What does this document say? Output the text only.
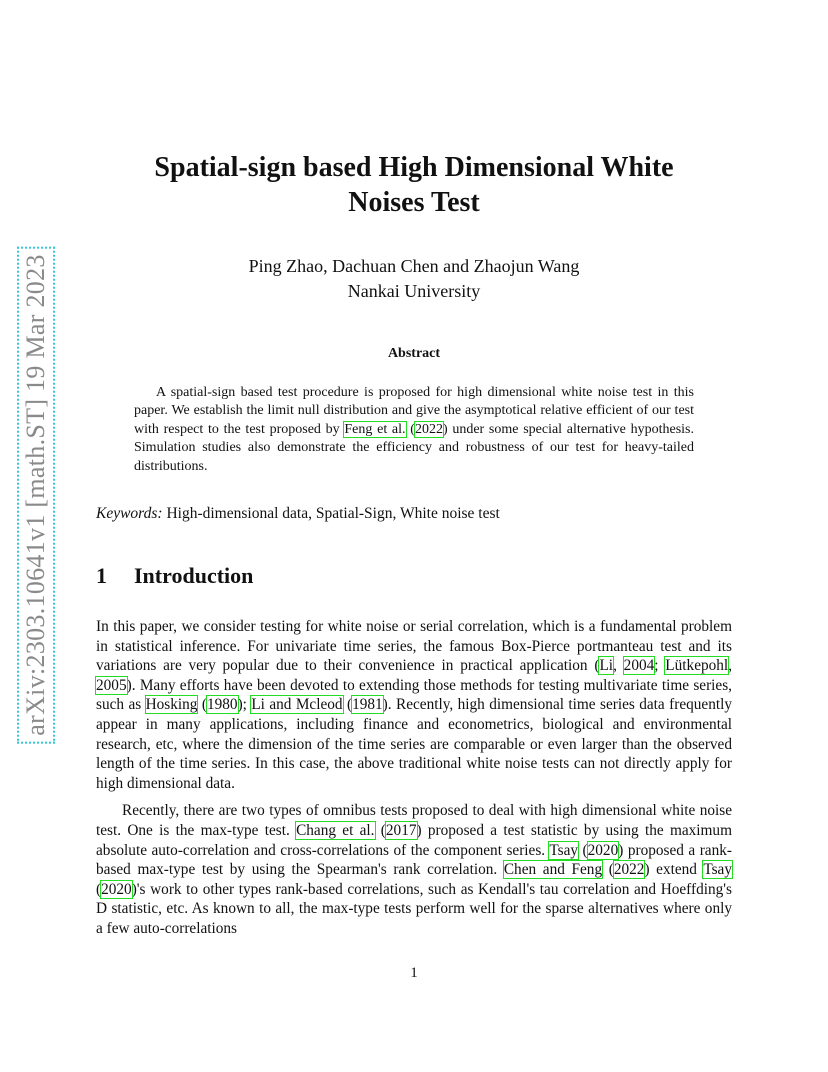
arXiv:2303.10641v1 [math.ST] 19 Mar 2023
Spatial-sign based High Dimensional White
Noises Test
Ping Zhao, Dachuan Chen and Zhaojun Wang
Nankai University
Abstract
A spatial-sign based test procedure is proposed for high dimensional white noise test in this paper. We establish the limit null distribution and give the asymptotical relative efficient of our test with respect to the test proposed by Feng et al. (2022) under some special alternative hypothesis. Simulation studies also demonstrate the efficiency and robustness of our test for heavy-tailed distributions.
Keywords: High-dimensional data, Spatial-Sign, White noise test
1 Introduction

In this paper, we consider testing for white noise or serial correlation, which is a fundamental problem in statistical inference. For univariate time series, the famous Box-Pierce portmanteau test and its variations are very popular due to their convenience in practical application (Li, 2004; Lütkepohl, 2005). Many efforts have been devoted to extending those methods for testing multivariate time series, such as Hosking (1980); Li and Mcleod (1981). Recently, high dimensional time series data frequently appear in many applications, including finance and econometrics, biological and environmental research, etc, where the dimension of the time series are comparable or even larger than the observed length of the time series. In this case, the above traditional white noise tests can not directly apply for high dimensional data.

Recently, there are two types of omnibus tests proposed to deal with high dimensional white noise test. One is the max-type test. Chang et al. (2017) proposed a test statistic by using the maximum absolute auto-correlation and cross-correlations of the component series. Tsay (2020) proposed a rank-based max-type test by using the Spearman's rank correlation. Chen and Feng (2022) extend Tsay (2020)'s work to other types rank-based correlations, such as Kendall's tau correlation and Hoeffding's D statistic, etc. As known to all, the max-type tests perform well for the sparse alternatives where only a few auto-correlations

1
